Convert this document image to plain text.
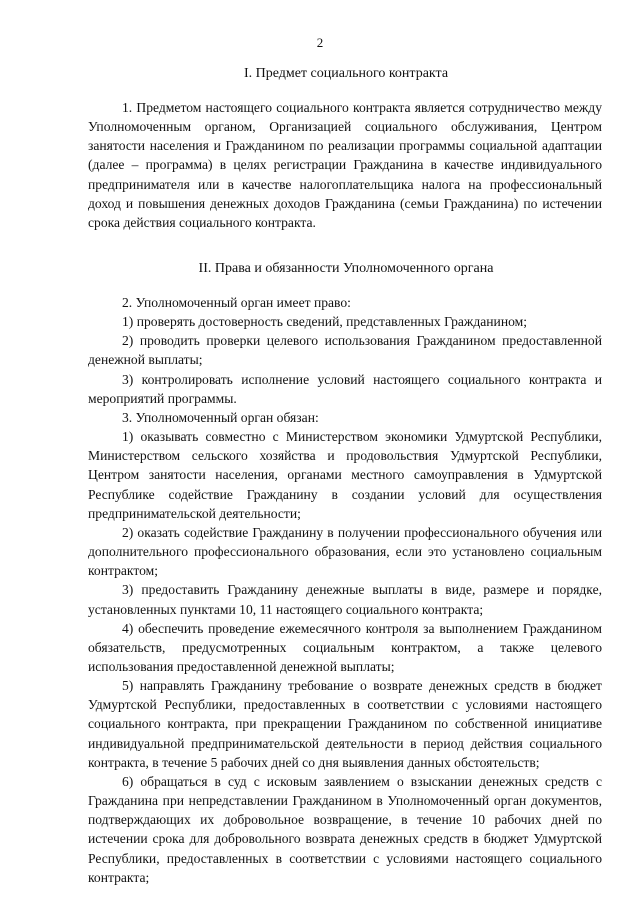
2
I. Предмет социального контракта

1. Предметом настоящего социального контракта является сотрудничество между Уполномоченным органом, Организацией социального обслуживания, Центром занятости населения и Гражданином по реализации программы социальной адаптации (далее – программа) в целях регистрации Гражданина в качестве индивидуального предпринимателя или в качестве налогоплательщика налога на профессиональный доход и повышения денежных доходов Гражданина (семьи Гражданина) по истечении срока действия социального контракта.

II. Права и обязанности Уполномоченного органа

2. Уполномоченный орган имеет право:

1) проверять достоверность сведений, представленных Гражданином;

2) проводить проверки целевого использования Гражданином предоставленной денежной выплаты;

3) контролировать исполнение условий настоящего социального контракта и мероприятий программы.

3. Уполномоченный орган обязан:

1) оказывать совместно с Министерством экономики Удмуртской Республики, Министерством сельского хозяйства и продовольствия Удмуртской Республики, Центром занятости населения, органами местного самоуправления в Удмуртской Республике содействие Гражданину в создании условий для осуществления предпринимательской деятельности;

2) оказать содействие Гражданину в получении профессионального обучения или дополнительного профессионального образования, если это установлено социальным контрактом;

3) предоставить Гражданину денежные выплаты в виде, размере и порядке, установленных пунктами 10, 11 настоящего социального контракта;

4) обеспечить проведение ежемесячного контроля за выполнением Гражданином обязательств, предусмотренных социальным контрактом, а также целевого использования предоставленной денежной выплаты;

5) направлять Гражданину требование о возврате денежных средств в бюджет Удмуртской Республики, предоставленных в соответствии с условиями настоящего социального контракта, при прекращении Гражданином по собственной инициативе индивидуальной предпринимательской деятельности в период действия социального контракта, в течение 5 рабочих дней со дня выявления данных обстоятельств;

6) обращаться в суд с исковым заявлением о взыскании денежных средств с Гражданина при непредставлении Гражданином в Уполномоченный орган документов, подтверждающих их добровольное возвращение, в течение 10 рабочих дней по истечении срока для добровольного возврата денежных средств в бюджет Удмуртской Республики, предоставленных в соответствии с условиями настоящего социального контракта;
